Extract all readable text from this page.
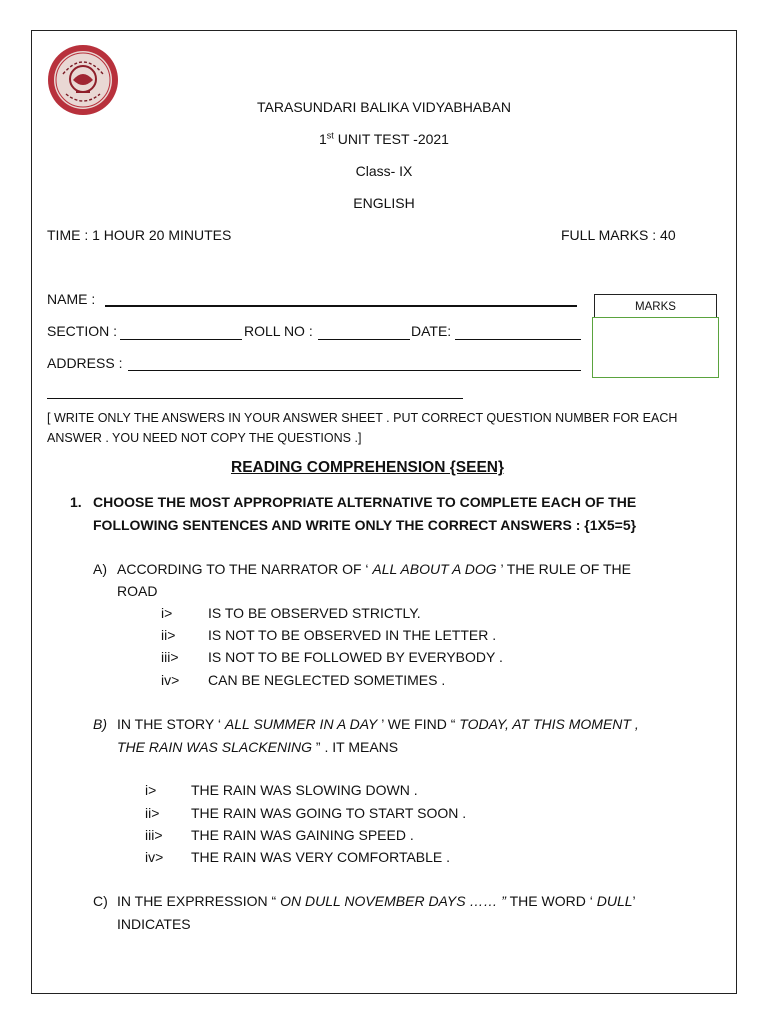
TARASUNDARI BALIKA VIDYABHABAN
1st UNIT TEST -2021
Class- IX
ENGLISH
TIME : 1 HOUR 20 MINUTES	FULL MARKS : 40
NAME :
SECTION :	ROLL NO :	DATE:
ADDRESS :
MARKS
[ WRITE ONLY THE ANSWERS IN YOUR ANSWER SHEET . PUT CORRECT QUESTION NUMBER FOR EACH
ANSWER . YOU NEED NOT COPY THE QUESTIONS .]
READING COMPREHENSION {SEEN}
1. CHOOSE THE MOST APPROPRIATE ALTERNATIVE TO COMPLETE EACH OF THE
FOLLOWING SENTENCES AND WRITE ONLY THE CORRECT ANSWERS : {1X5=5}
A) ACCORDING TO THE NARRATOR OF ‘ ALL ABOUT A DOG ’ THE RULE OF THE
ROAD
i>	IS TO BE OBSERVED STRICTLY.
ii> IS NOT TO BE OBSERVED IN THE LETTER .
iii> IS NOT TO BE FOLLOWED BY EVERYBODY .
iv> CAN BE NEGLECTED SOMETIMES .
B) IN THE STORY ‘ ALL SUMMER IN A DAY ’ WE FIND “ TODAY, AT THIS MOMENT ,
THE RAIN WAS SLACKENING ” . IT MEANS
i> THE RAIN WAS SLOWING DOWN .
ii> THE RAIN WAS GOING TO START SOON .
iii> THE RAIN WAS GAINING SPEED .
iv> THE RAIN WAS VERY COMFORTABLE .
C) IN THE EXPRRESSION “ ON DULL NOVEMBER DAYS …… ” THE WORD ‘ DULL’
INDICATES
